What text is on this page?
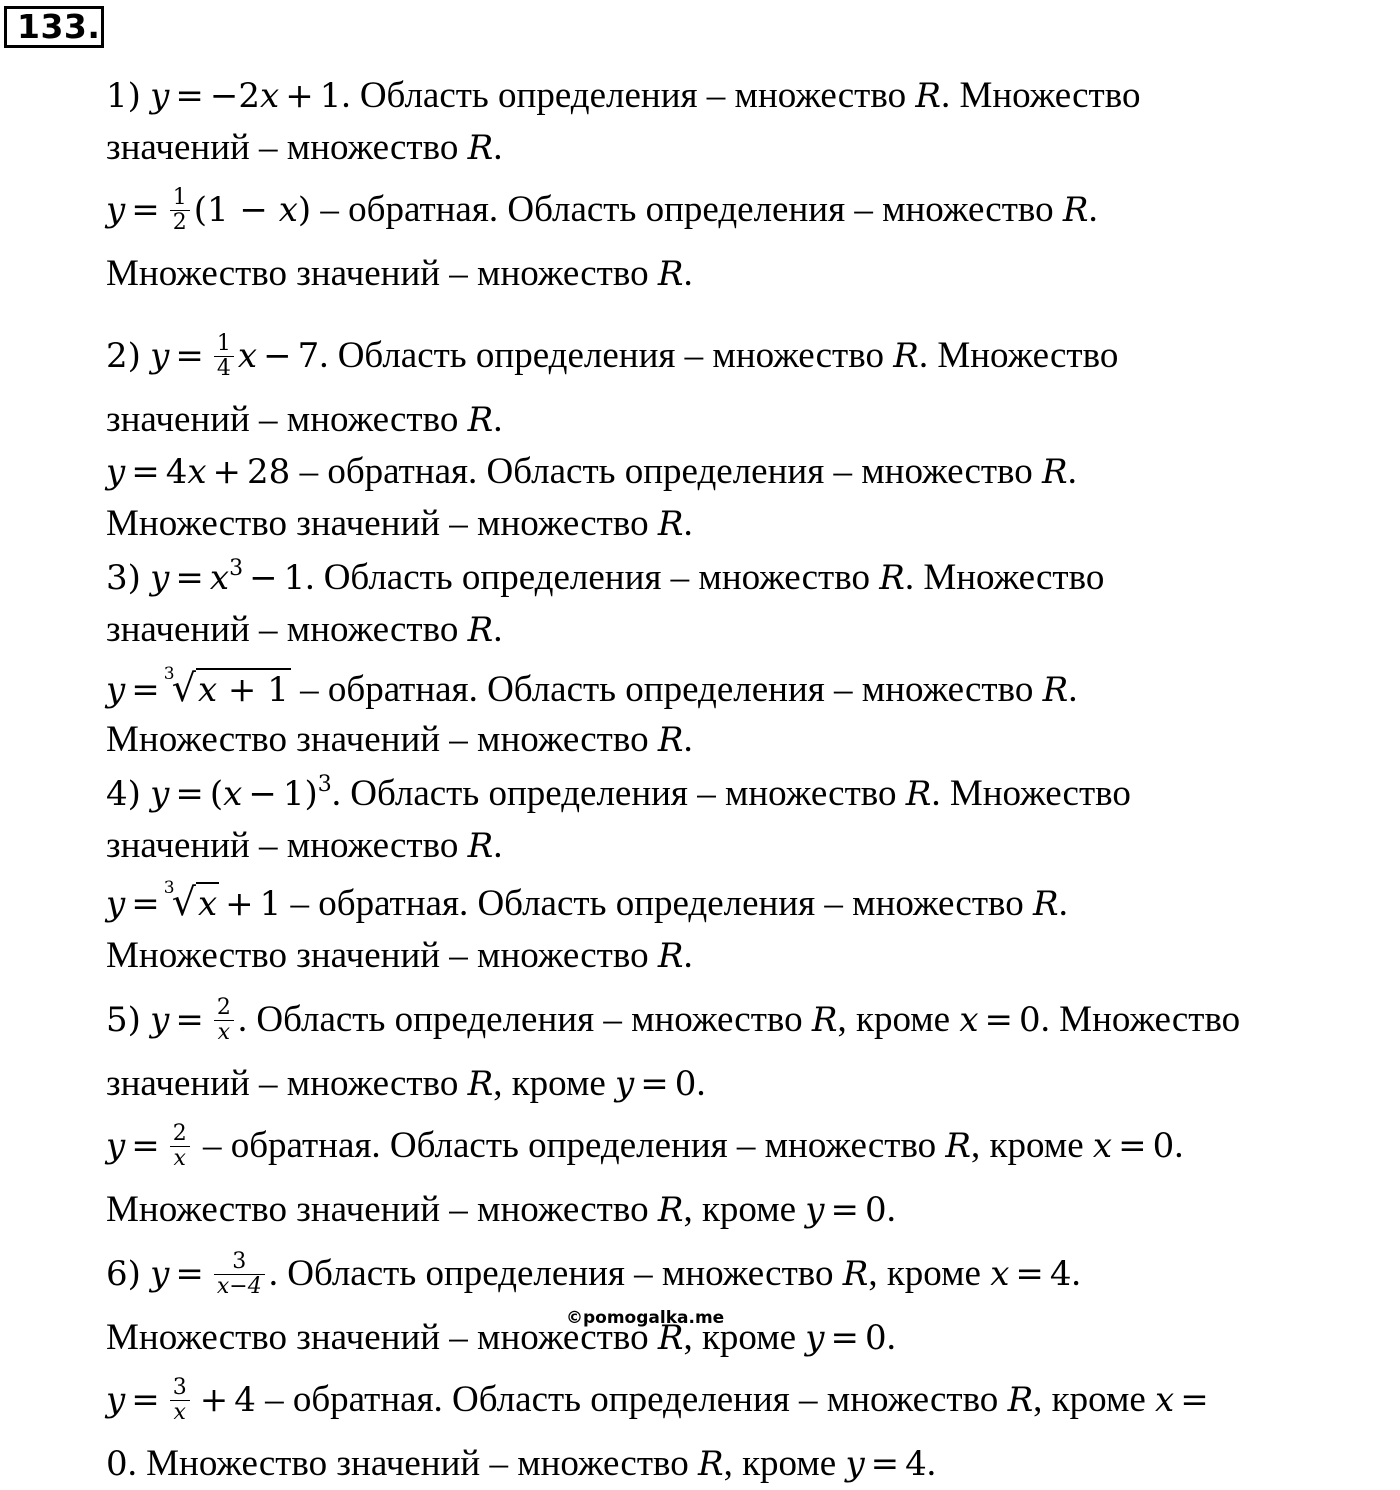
133.
1) y = −2x + 1. Область определения – множество R. Множество
значений – множество R.
$y = \frac{1}{2} (1 - x)$ – обратная. Область определения – множество R.
Множество значений – множество R.
2) $y = \frac{1}{4}$ x − 7. Область определения – множество R. Множество
значений – множество R.
y = 4x + 28 – обратная. Область определения – множество R.
Множество значений – множество R.
3) $y = x^3 - 1$. Область определения – множество R. Множество
значений – множество R.
y = 3
√x + 1 – обратная. Область определения – множество R.
Множество значений – множество R.
4) $y = (x - 1)^3$. Область определения – множество R. Множество
значений – множество R.
y = 3
√x + 1 – обратная. Область определения – множество R.
Множество значений – множество R.
5) $y = \frac{2}{x}$ . Область определения – множество R, кроме x = 0. Множество
значений – множество R, кроме y = 0.
$y = \frac{2}{x}$ – обратная. Область определения – множество R, кроме x = 0.
Множество значений – множество R, кроме y = 0.
6) $y = \frac{3}{x-4}$ . Область определения – множество R, кроме x = 4.
Множество значений – множество R, кроме y = 0.
$y = \frac{3}{x} + 4$ – обратная. Область определения – множество R, кроме x =
0. Множество значений – множество R, кроме y = 4.
©pomogalka.me
